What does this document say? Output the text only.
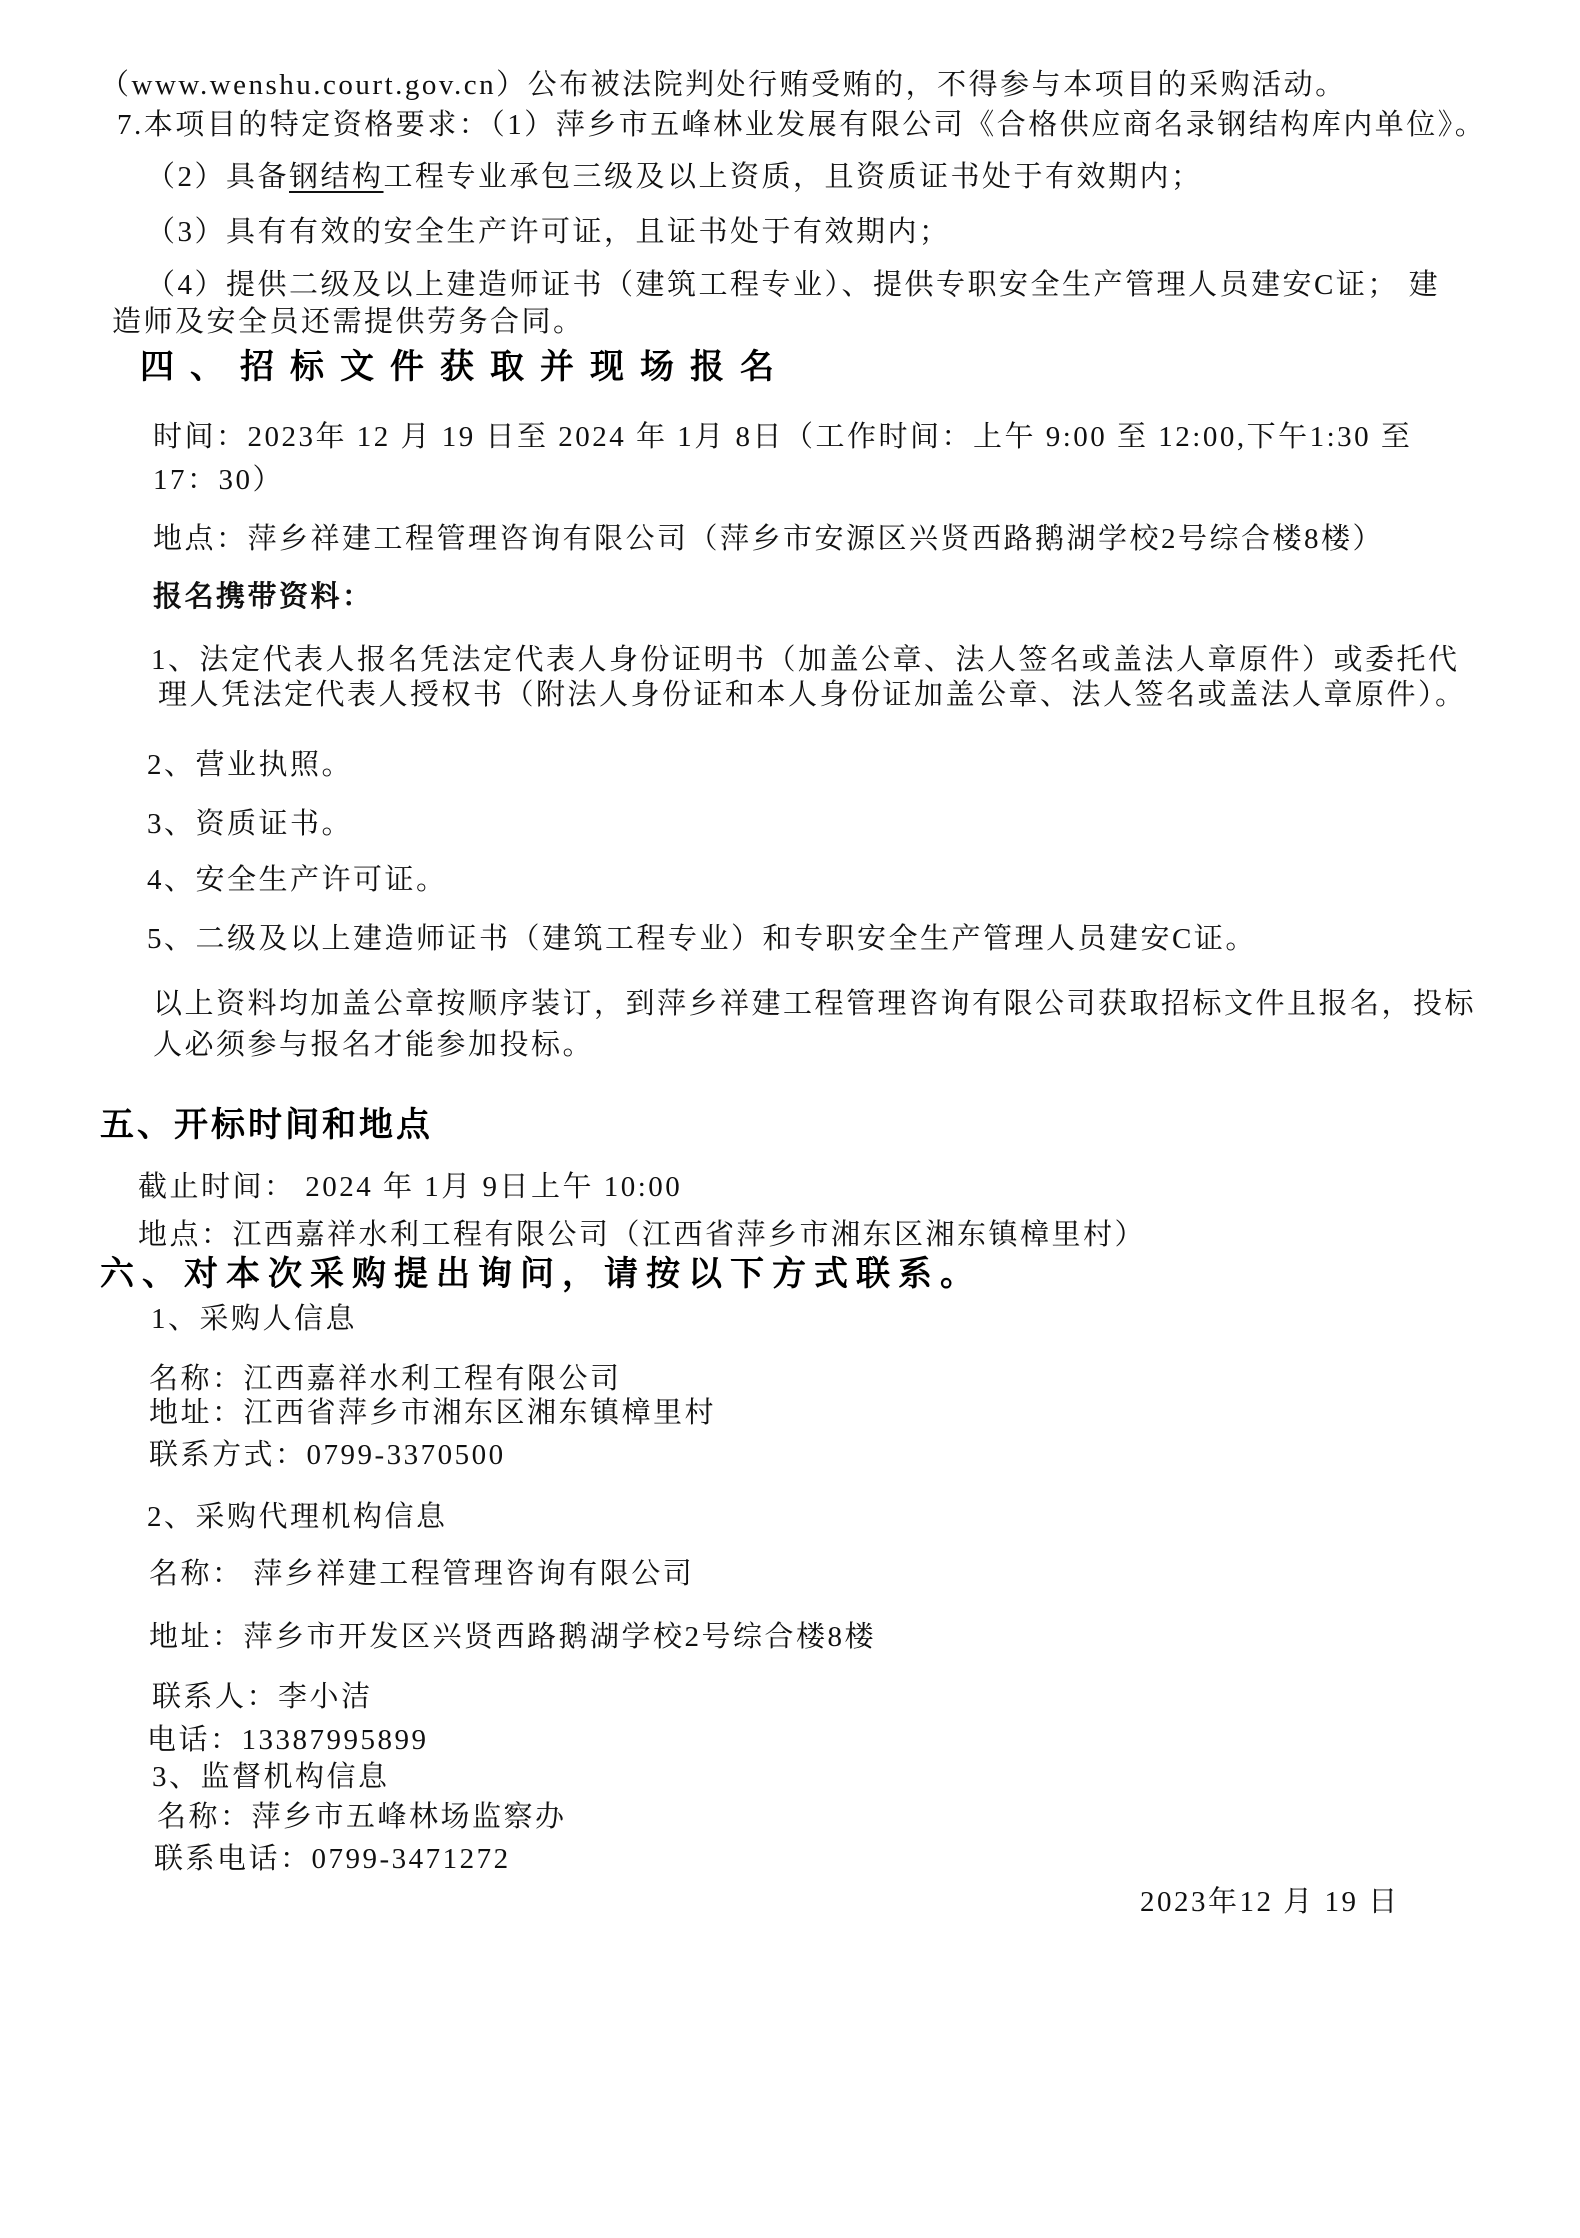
（www.wenshu.court.gov.cn）公布被法院判处行贿受贿的，不得参与本项目的采购活动。
7.本项目的特定资格要求：（1）萍乡市五峰林业发展有限公司《合格供应商名录钢结构库内单位》。
（2）具备钢结构工程专业承包三级及以上资质，且资质证书处于有效期内；
（3）具有有效的安全生产许可证，且证书处于有效期内；
（4）提供二级及以上建造师证书（建筑工程专业）、提供专职安全生产管理人员建安C证； 建
造师及安全员还需提供劳务合同。
四、招标文件获取并现场报名
时间：2023年 12 月 19 日至 2024 年 1月 8日（工作时间：上午 9:00 至 12:00,下午1:30 至
17：30）
地点：萍乡祥建工程管理咨询有限公司（萍乡市安源区兴贤西路鹅湖学校2号综合楼8楼）
报名携带资料：
1、法定代表人报名凭法定代表人身份证明书（加盖公章、法人签名或盖法人章原件）或委托代
理人凭法定代表人授权书（附法人身份证和本人身份证加盖公章、法人签名或盖法人章原件）。
2、营业执照。
3、资质证书。
4、安全生产许可证。
5、二级及以上建造师证书（建筑工程专业）和专职安全生产管理人员建安C证。
以上资料均加盖公章按顺序装订，到萍乡祥建工程管理咨询有限公司获取招标文件且报名，投标
人必须参与报名才能参加投标。
五、开标时间和地点
截止时间： 2024 年 1月 9日上午 10:00
地点：江西嘉祥水利工程有限公司（江西省萍乡市湘东区湘东镇樟里村）
六、对本次采购提出询问，请按以下方式联系。
1、采购人信息
名称：江西嘉祥水利工程有限公司
地址：江西省萍乡市湘东区湘东镇樟里村
联系方式：0799-3370500
2、采购代理机构信息
名称： 萍乡祥建工程管理咨询有限公司
地址：萍乡市开发区兴贤西路鹅湖学校2号综合楼8楼
联系人：李小洁
电话：13387995899
3、监督机构信息
名称：萍乡市五峰林场监察办
联系电话：0799-3471272
2023年12 月 19 日
